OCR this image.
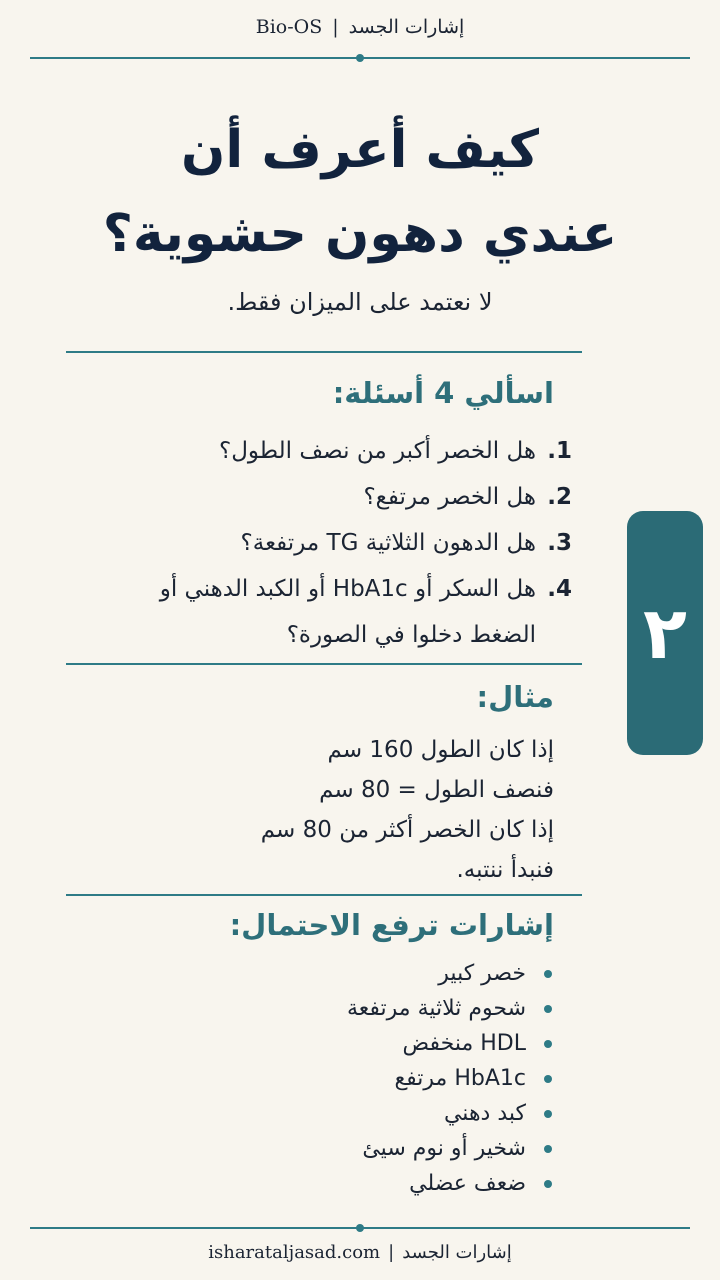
Bio-OS | إشارات الجسد
كيف أعرف أن
عندي دهون حشوية؟
لا نعتمد على الميزان فقط.
اسألي 4 أسئلة:
1.
هل الخصر أكبر من نصف الطول؟
2.
هل الخصر مرتفع؟
3.
هل الدهون الثلاثية TG مرتفعة؟
4.
هل السكر أو HbA1c أو الكبد الدهني أو الضغط دخلوا في الصورة؟
مثال:
إذا كان الطول 160 سم
فنصف الطول = 80 سم
إذا كان الخصر أكثر من 80 سم
فنبدأ ننتبه.
إشارات ترفع الاحتمال:
خصر كبير
شحوم ثلاثية مرتفعة
HDL منخفض
HbA1c مرتفع
كبد دهني
شخير أو نوم سيئ
ضعف عضلي
٢
isharataljasad.com | إشارات الجسد
